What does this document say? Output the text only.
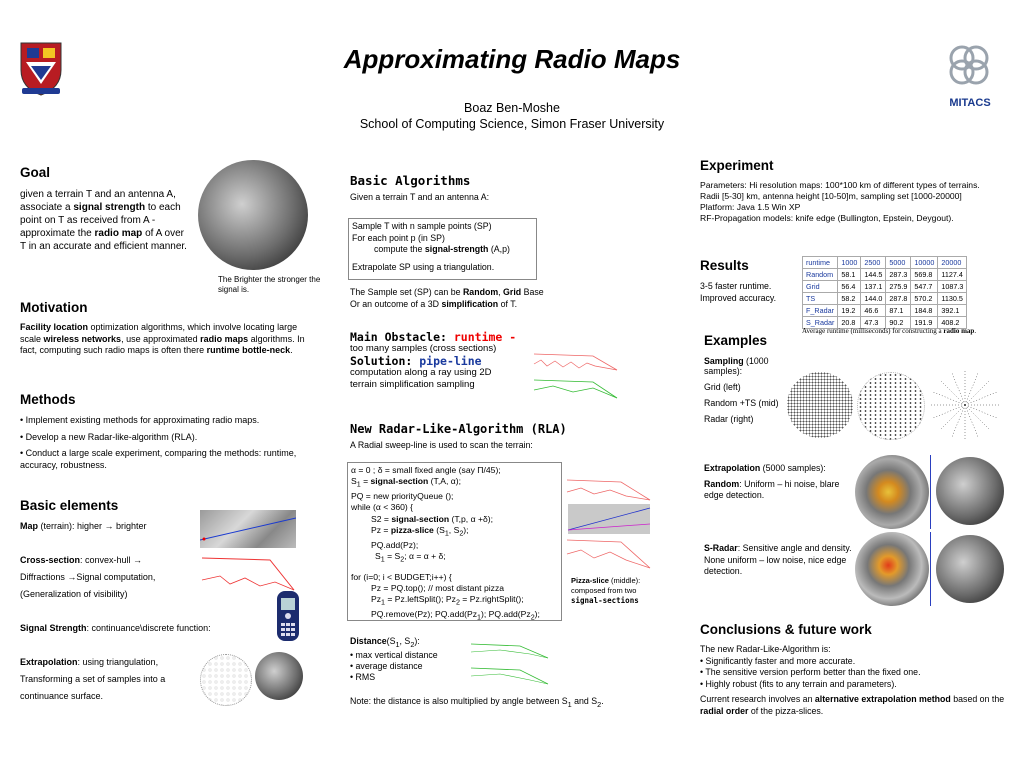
Approximating Radio Maps
Boaz Ben-Moshe
School of Computing Science, Simon Fraser University
MITACS
Goal
given a terrain T and an antenna A, associate a signal strength to each point on T as received from A - approximate the radio map of A over T in an accurate and efficient manner.
The Brighter the stronger the signal is.
Motivation
Facility location optimization algorithms, which involve locating large scale wireless networks, use approximated radio maps algorithms. In fact, computing such radio maps is often there runtime bottle-neck.
Methods
• Implement existing methods for approximating radio maps.
• Develop a new Radar-like-algorithm (RLA).
• Conduct a large scale experiment, comparing the methods: runtime, accuracy, robustness.
Basic elements
Map (terrain): higher → brighter
Cross-section: convex-hull →
Diffractions →Signal computation,
(Generalization of visibility)
Signal Strength: continuance\discrete function:
Extrapolation: using triangulation,
Transforming a set of samples into a
continuance surface.
Basic Algorithms
Given a terrain T and an antenna A:
Sample T with n sample points (SP)
For each point p (in SP)
compute the signal-strength (A,p)
Extrapolate SP using a triangulation.
The Sample set (SP) can be Random, Grid Base
Or an outcome of a 3D simplification of T.
Main Obstacle: runtime -
too many samples (cross sections)
Solution: pipe-line
computation along a ray using 2D
terrain simplification sampling
New Radar-Like-Algorithm (RLA)
A Radial sweep-line is used to scan the terrain:
α = 0 ; δ = small fixed angle (say Π/45);
$S_1$ = signal-section (T,A, α);
PQ = new priorityQueue ();
while (α < 360) {
S2 = signal-section (T,p, α +δ);
Pz = pizza-slice ($S_1$, $S_2$);
PQ.add(Pz);
$S_1 = S_2$; α = α + δ;
for (i=0; i < BUDGET;i++) {
Pz = PQ.top(); // most distant pizza
$Pz_1$ = Pz.leftSplit(); $Pz_2$ = Pz.rightSplit();
PQ.remove(Pz); $PQ.add(Pz_1)$; $PQ.add(Pz_2)$;
Pizza-slice (middle): composed from two signal-sections
$Distance(S_1$, $S_2$):
• max vertical distance
• average distance
• RMS
Note: the distance is also multiplied by angle between $S_1$ and $S_2$.
Experiment
Parameters: Hi resolution maps: 100*100 km of different types of terrains. Radii [5-30] km, antenna height [10-50]m, sampling set [1000-20000]
Platform: Java 1.5 Win XP
RF-Propagation models: knife edge (Bullington, Epstein, Deygout).
Results
3-5 faster runtime.
Improved accuracy.
runtime	1000	2500	5000	10000	20000
Random	58.1	144.5	287.3	569.8	1127.4
Grid	56.4	137.1	275.9	547.7	1087.3
TS	58.2	144.0	287.8	570.2	1130.5
F_Radar	19.2	46.6	87.1	184.8	392.1
S_Radar	20.8	47.3	90.2	191.9	408.2
Average runtime (milliseconds) for constructing a radio map.
Examples
Sampling (1000 samples):
Grid (left)
Random +TS (mid)
Radar (right)
Extrapolation (5000 samples):
Random: Uniform – hi noise, blare edge detection.
S-Radar: Sensitive angle and density. None uniform – low noise, nice edge detection.
Conclusions & future work
The new Radar-Like-Algorithm is:
• Significantly faster and more accurate.
• The sensitive version perform better than the fixed one.
• Highly robust (fits to any terrain and parameters).
Current research involves an alternative extrapolation method based on the radial order of the pizza-slices.
